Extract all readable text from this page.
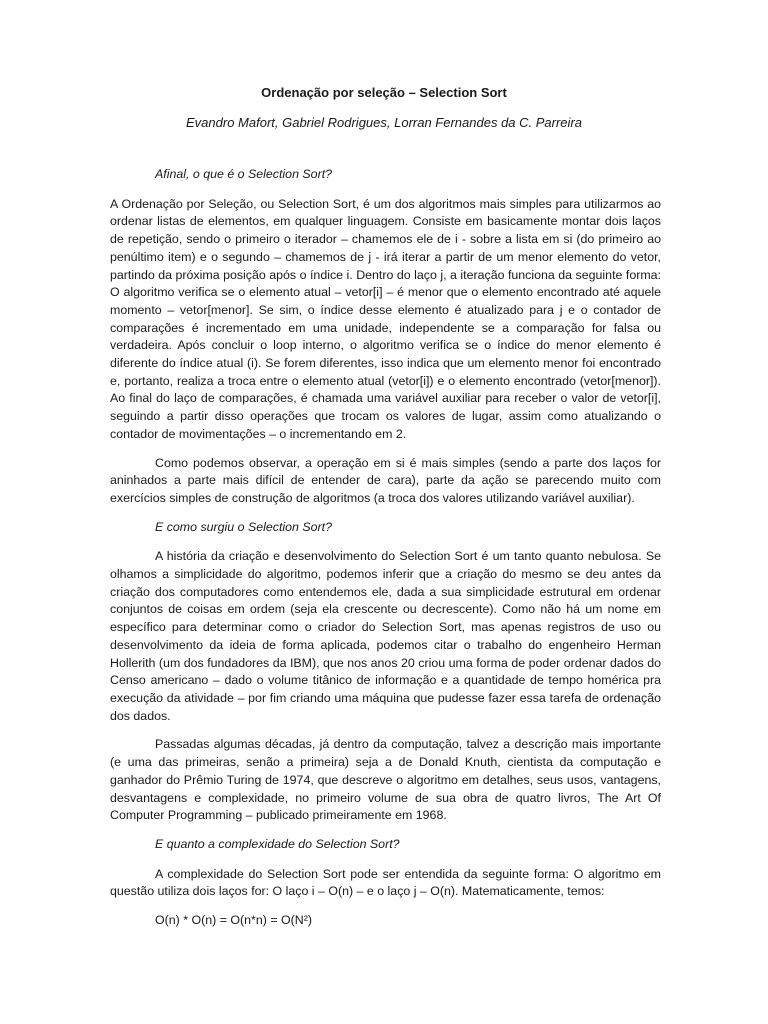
Ordenação por seleção – Selection Sort

Evandro Mafort, Gabriel Rodrigues, Lorran Fernandes da C. Parreira

Afinal, o que é o Selection Sort?

A Ordenação por Seleção, ou Selection Sort, é um dos algoritmos mais simples para utilizarmos ao ordenar listas de elementos, em qualquer linguagem. Consiste em basicamente montar dois laços de repetição, sendo o primeiro o iterador – chamemos ele de i - sobre a lista em si (do primeiro ao penúltimo item) e o segundo – chamemos de j - irá iterar a partir de um menor elemento do vetor, partindo da próxima posição após o índice i. Dentro do laço j, a iteração funciona da seguinte forma: O algoritmo verifica se o elemento atual – vetor[i] – é menor que o elemento encontrado até aquele momento – vetor[menor]. Se sim, o índice desse elemento é atualizado para j e o contador de comparações é incrementado em uma unidade, independente se a comparação for falsa ou verdadeira. Após concluir o loop interno, o algoritmo verifica se o índice do menor elemento é diferente do índice atual (i). Se forem diferentes, isso indica que um elemento menor foi encontrado e, portanto, realiza a troca entre o elemento atual (vetor[i]) e o elemento encontrado (vetor[menor]). Ao final do laço de comparações, é chamada uma variável auxiliar para receber o valor de vetor[i], seguindo a partir disso operações que trocam os valores de lugar, assim como atualizando o contador de movimentações – o incrementando em 2.

Como podemos observar, a operação em si é mais simples (sendo a parte dos laços for aninhados a parte mais difícil de entender de cara), parte da ação se parecendo muito com exercícios simples de construção de algoritmos (a troca dos valores utilizando variável auxiliar).

E como surgiu o Selection Sort?

A história da criação e desenvolvimento do Selection Sort é um tanto quanto nebulosa. Se olhamos a simplicidade do algoritmo, podemos inferir que a criação do mesmo se deu antes da criação dos computadores como entendemos ele, dada a sua simplicidade estrutural em ordenar conjuntos de coisas em ordem (seja ela crescente ou decrescente). Como não há um nome em específico para determinar como o criador do Selection Sort, mas apenas registros de uso ou desenvolvimento da ideia de forma aplicada, podemos citar o trabalho do engenheiro Herman Hollerith (um dos fundadores da IBM), que nos anos 20 criou uma forma de poder ordenar dados do Censo americano – dado o volume titânico de informação e a quantidade de tempo homérica pra execução da atividade – por fim criando uma máquina que pudesse fazer essa tarefa de ordenação dos dados.

Passadas algumas décadas, já dentro da computação, talvez a descrição mais importante (e uma das primeiras, senão a primeira) seja a de Donald Knuth, cientista da computação e ganhador do Prêmio Turing de 1974, que descreve o algoritmo em detalhes, seus usos, vantagens, desvantagens e complexidade, no primeiro volume de sua obra de quatro livros, The Art Of Computer Programming – publicado primeiramente em 1968.

E quanto a complexidade do Selection Sort?

A complexidade do Selection Sort pode ser entendida da seguinte forma: O algoritmo em questão utiliza dois laços for: O laço i – O(n) – e o laço j – O(n). Matematicamente, temos:

O(n) * O(n) = O(n*n) = O(N²)
